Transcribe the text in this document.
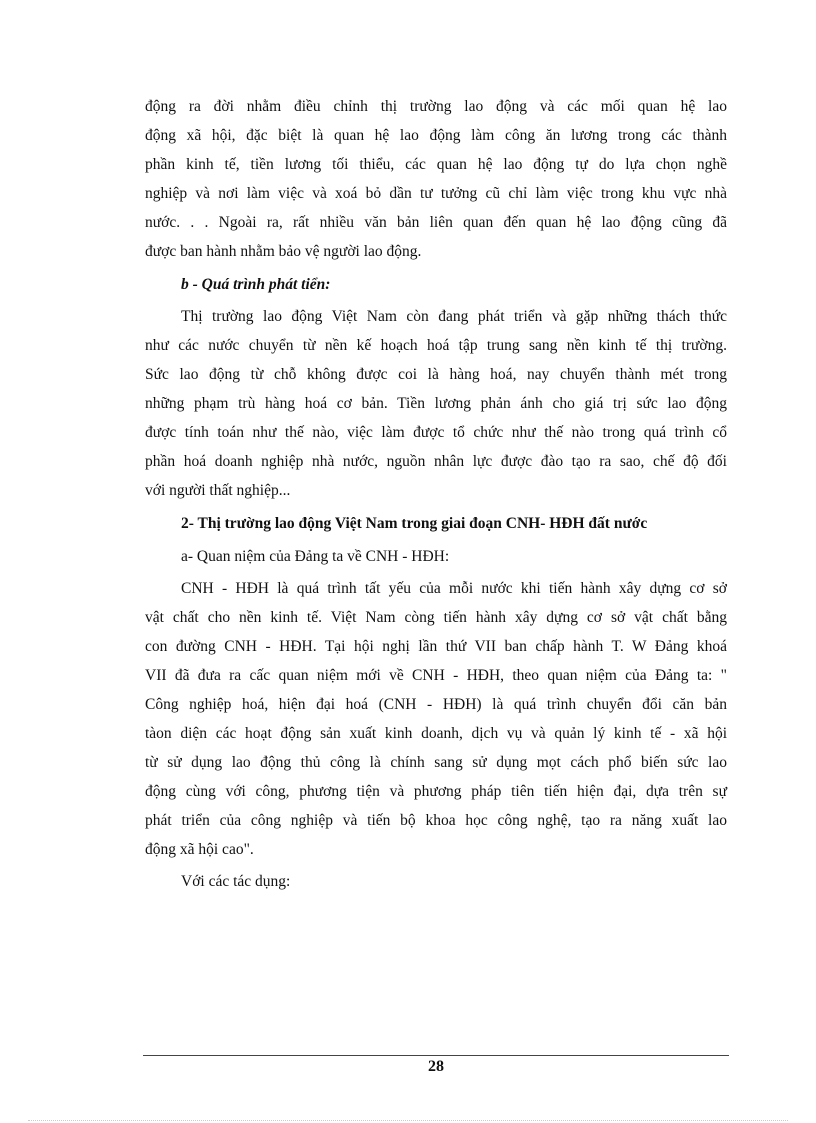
động ra đời nhằm điều chỉnh thị trường lao động và các mối quan hệ lao
động xã hội, đặc biệt là quan hệ lao động làm công ăn lương trong các thành
phần kinh tế, tiền lương tối thiểu, các quan hệ lao động tự do lựa chọn nghề
nghiệp và nơi làm việc và xoá bỏ dần tư tưởng cũ chỉ làm việc trong khu vực nhà
nước. . . Ngoài ra, rất nhiều văn bản liên quan đến quan hệ lao động cũng đã
được ban hành nhằm bảo vệ người lao động.
b - Quá trình phát tiển:
Thị trường lao động Việt Nam còn đang phát triển và gặp những thách thức
như các nước chuyển từ nền kế hoạch hoá tập trung sang nền kinh tế thị trường.
Sức lao động từ chỗ không được coi là hàng hoá, nay chuyển thành mét trong
những phạm trù hàng hoá cơ bản. Tiền lương phản ánh cho giá trị sức lao động
được tính toán như thế nào, việc làm được tổ chức như thế nào trong quá trình cổ
phần hoá doanh nghiệp nhà nước, nguồn nhân lực được đào tạo ra sao, chế độ đối
với người thất nghiệp...
2- Thị trường lao động Việt Nam trong giai đoạn CNH- HĐH đất nước
a- Quan niệm của Đảng ta về CNH - HĐH:
CNH - HĐH là quá trình tất yếu của mỗi nước khi tiến hành xây dựng cơ sở
vật chất cho nền kinh tế. Việt Nam còng tiến hành xây dựng cơ sở vật chất bằng
con đường CNH - HĐH. Tại hội nghị lần thứ VII ban chấp hành T. W Đảng khoá
VII đã đưa ra cấc quan niệm mới về CNH - HĐH, theo quan niệm của Đảng ta: "
Công nghiệp hoá, hiện đại hoá (CNH - HĐH) là quá trình chuyển đổi căn bản
tàon diện các hoạt động sản xuất kinh doanh, dịch vụ và quản lý kinh tế - xã hội
từ sử dụng lao động thủ công là chính sang sử dụng mọt cách phổ biến sức lao
động cùng với công, phương tiện và phương pháp tiên tiến hiện đại, dựa trên sự
phát triển của công nghiệp và tiến bộ khoa học công nghệ, tạo ra năng xuất lao
động xã hội cao".
Với các tác dụng:
28
